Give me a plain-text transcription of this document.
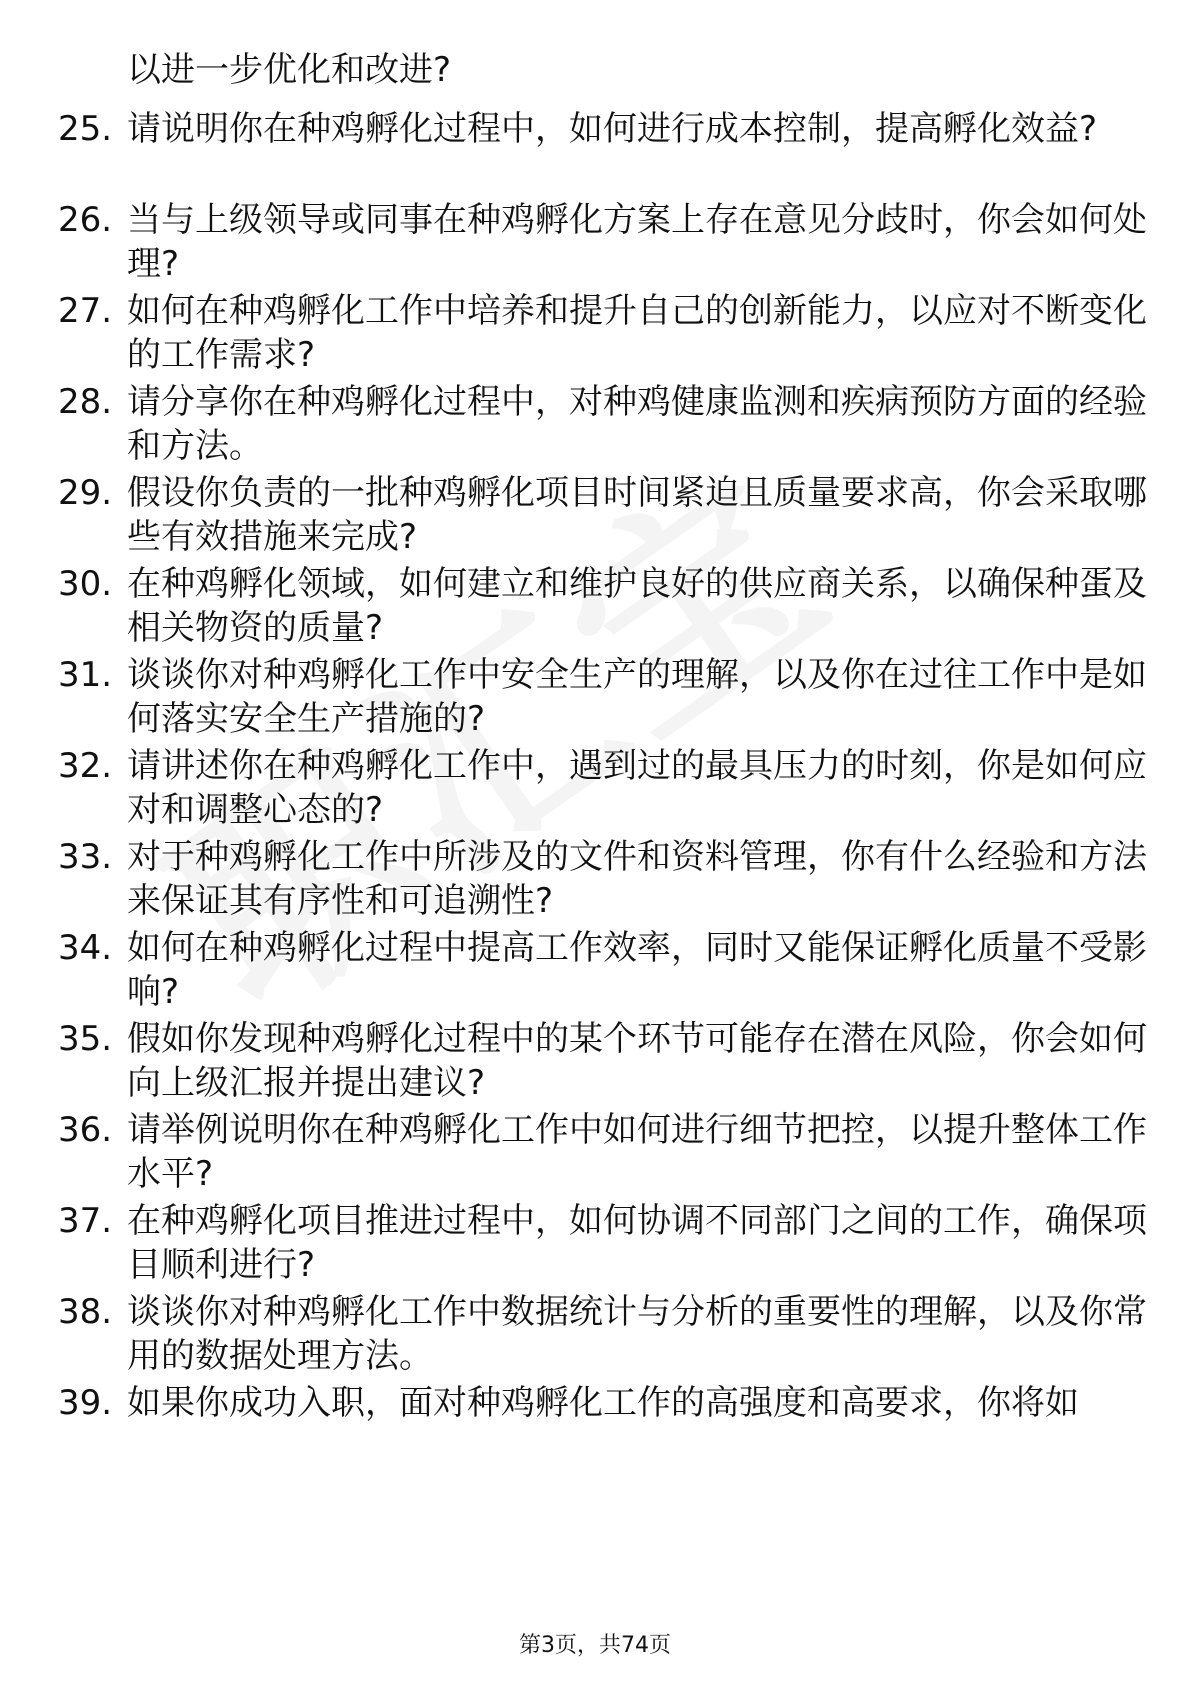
以进一步优化和改进?
25. 请说明你在种鸡孵化过程中，如何进行成本控制，提高孵化效益?
26. 当与上级领导或同事在种鸡孵化方案上存在意见分歧时，你会如何处理?
27. 如何在种鸡孵化工作中培养和提升自己的创新能力，以应对不断变化的工作需求?
28. 请分享你在种鸡孵化过程中，对种鸡健康监测和疾病预防方面的经验和方法。
29. 假设你负责的一批种鸡孵化项目时间紧迫且质量要求高，你会采取哪些有效措施来完成?
30. 在种鸡孵化领域，如何建立和维护良好的供应商关系，以确保种蛋及相关物资的质量?
31. 谈谈你对种鸡孵化工作中安全生产的理解，以及你在过往工作中是如何落实安全生产措施的?
32. 请讲述你在种鸡孵化工作中，遇到过的最具压力的时刻，你是如何应对和调整心态的?
33. 对于种鸡孵化工作中所涉及的文件和资料管理，你有什么经验和方法来保证其有序性和可追溯性?
34. 如何在种鸡孵化过程中提高工作效率，同时又能保证孵化质量不受影响?
35. 假如你发现种鸡孵化过程中的某个环节可能存在潜在风险，你会如何向上级汇报并提出建议?
36. 请举例说明你在种鸡孵化工作中如何进行细节把控，以提升整体工作水平?
37. 在种鸡孵化项目推进过程中，如何协调不同部门之间的工作，确保项目顺利进行?
38. 谈谈你对种鸡孵化工作中数据统计与分析的重要性的理解，以及你常用的数据处理方法。
39. 如果你成功入职，面对种鸡孵化工作的高强度和高要求，你将如
第3页，共74页
